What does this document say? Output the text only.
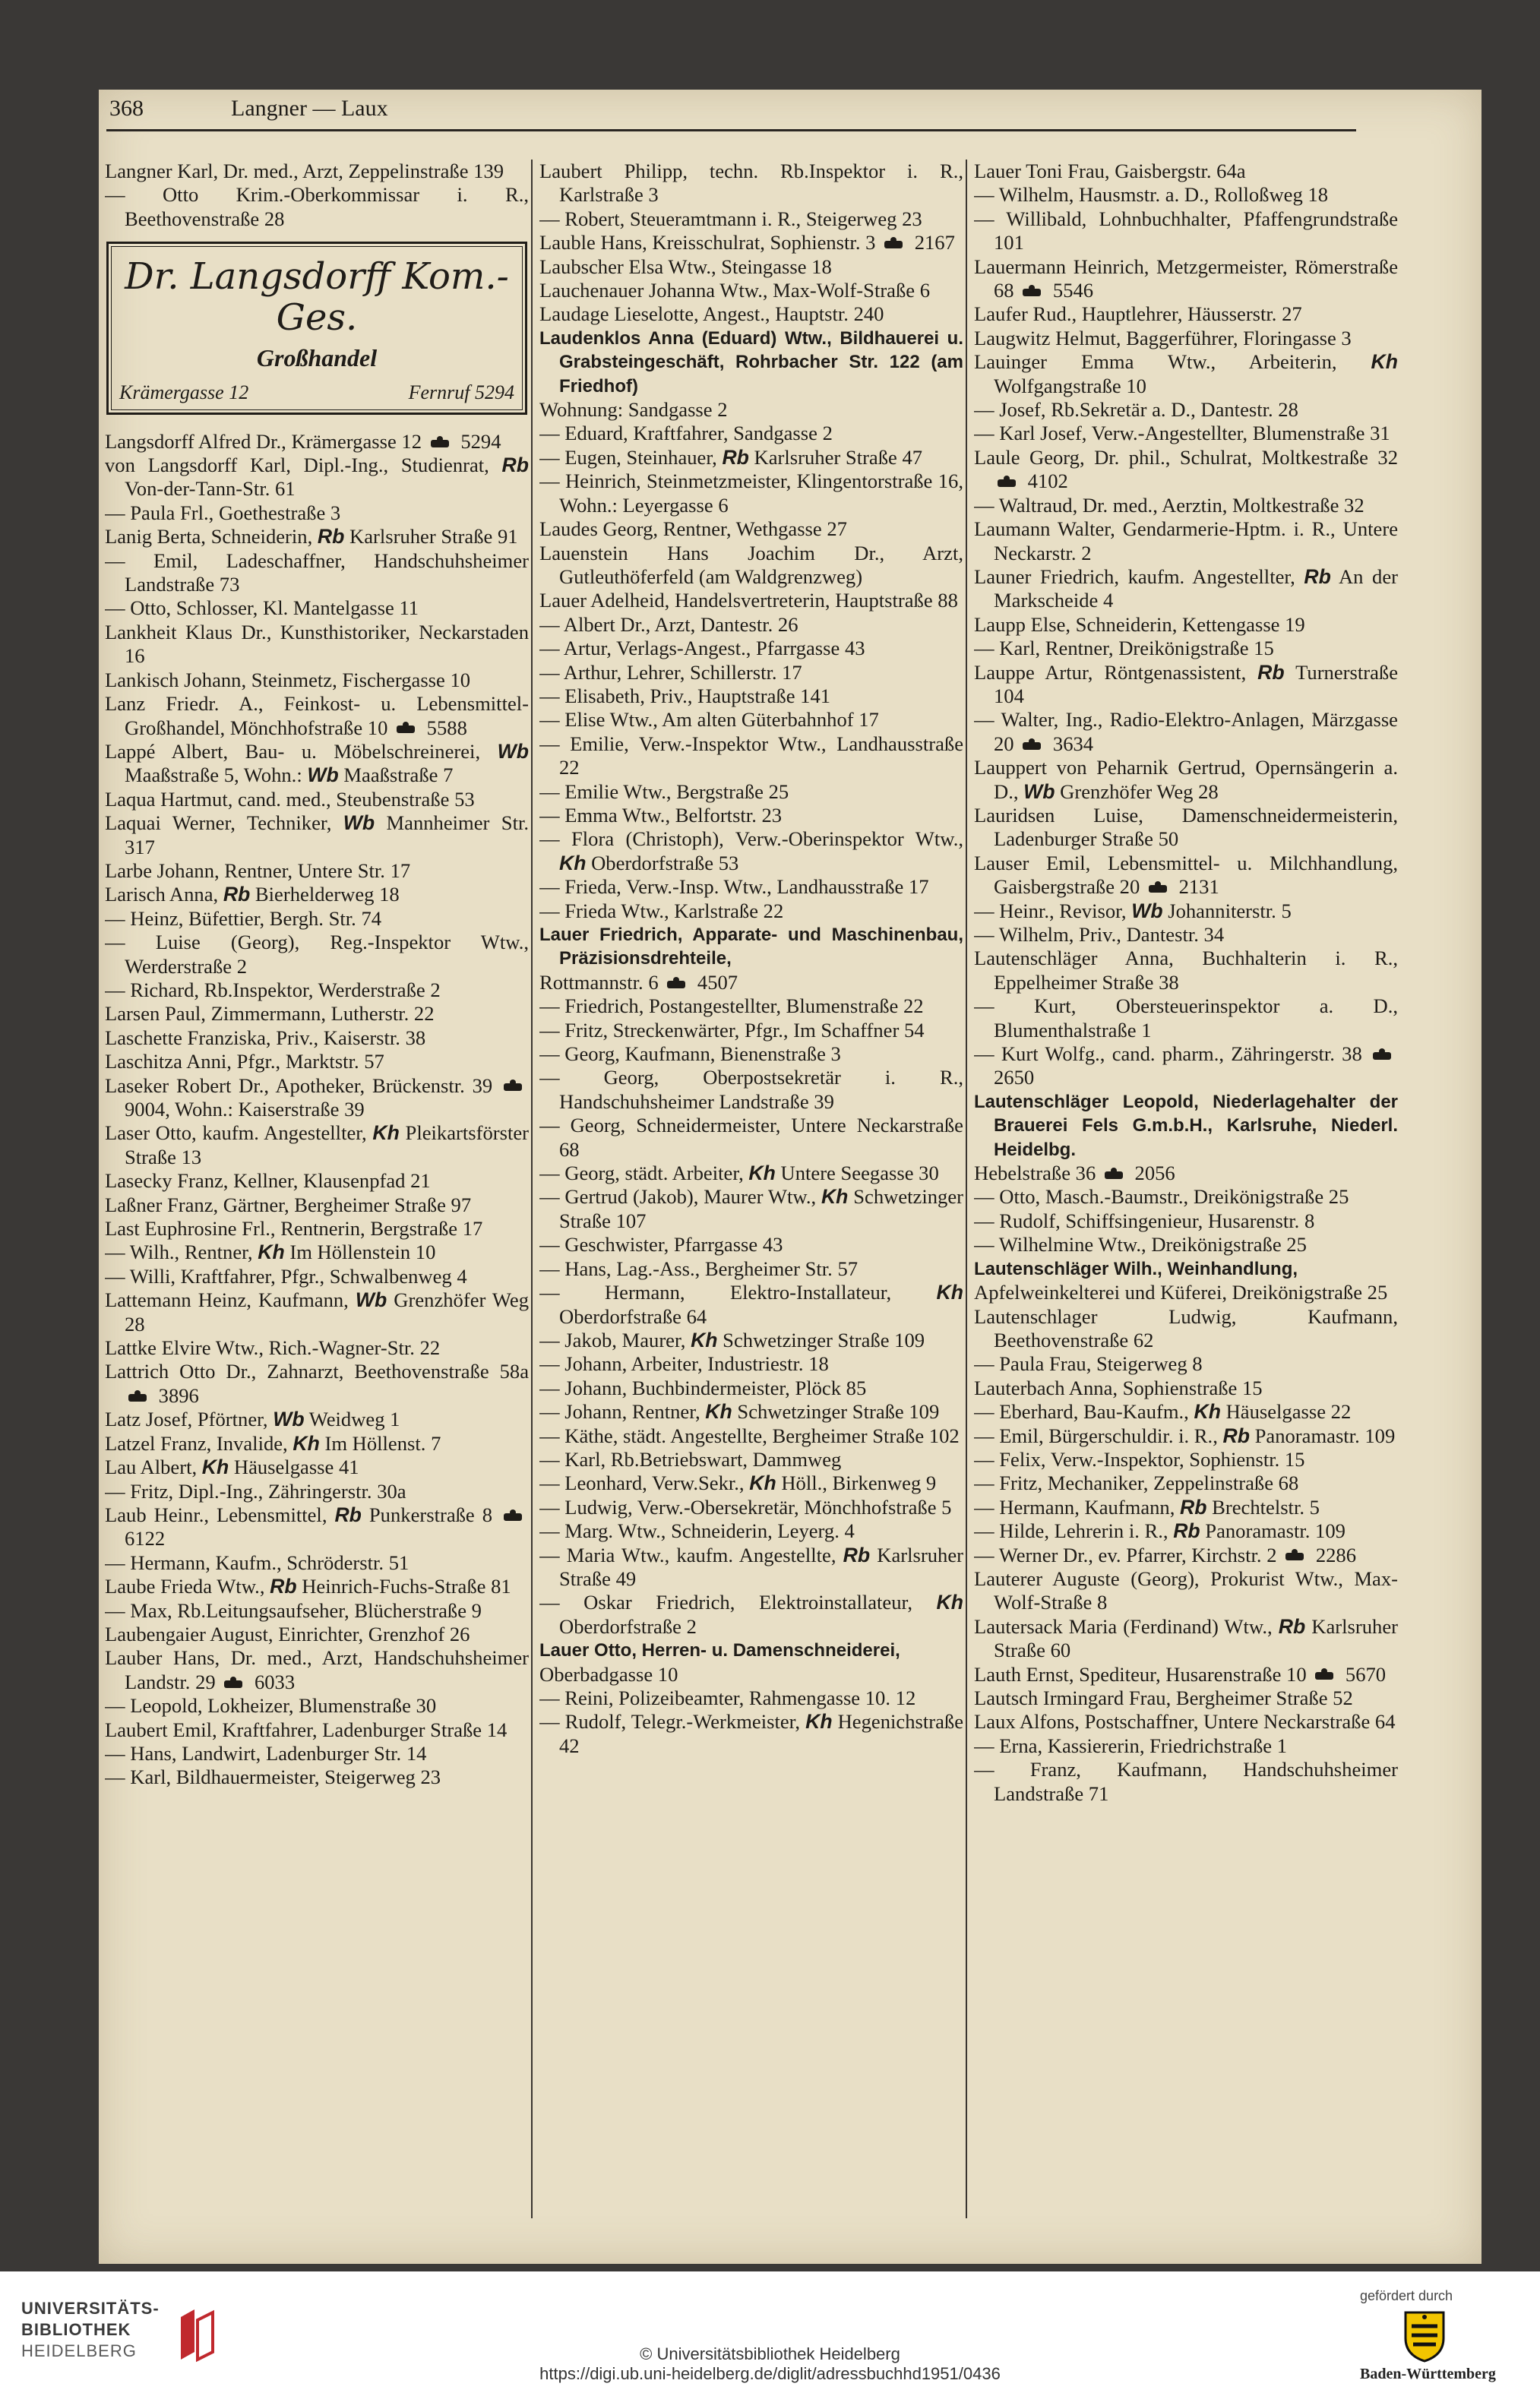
368	Langner — Laux
Langner Karl, Dr. med., Arzt, Zeppelinstraße 139
— Otto Krim.-Oberkommissar i. R., Beethovenstraße 28
Dr. Langsdorff Kom.-Ges.
Großhandel
Krämergasse 12	Fernruf 5294
Langsdorff Alfred Dr., Krämergasse 12  5294
von Langsdorff Karl, Dipl.-Ing., Studienrat, Rb Von-der-Tann-Str. 61
— Paula Frl., Goethestraße 3
Lanig Berta, Schneiderin, Rb Karlsruher Straße 91
— Emil, Ladeschaffner, Handschuhsheimer Landstraße 73
— Otto, Schlosser, Kl. Mantelgasse 11
Lankheit Klaus Dr., Kunsthistoriker, Neckarstaden 16
Lankisch Johann, Steinmetz, Fischergasse 10
Lanz Friedr. A., Feinkost- u. Lebensmittel-Großhandel, Mönchhofstraße 10  5588
Lappé Albert, Bau- u. Möbelschreinerei, Wb Maaßstraße 5, Wohn.: Wb Maaßstraße 7
Laqua Hartmut, cand. med., Steubenstraße 53
Laquai Werner, Techniker, Wb Mannheimer Str. 317
Larbe Johann, Rentner, Untere Str. 17
Larisch Anna, Rb Bierhelderweg 18
— Heinz, Büfettier, Bergh. Str. 74
— Luise (Georg), Reg.-Inspektor Wtw., Werderstraße 2
— Richard, Rb.Inspektor, Werderstraße 2
Larsen Paul, Zimmermann, Lutherstr. 22
Laschette Franziska, Priv., Kaiserstr. 38
Laschitza Anni, Pfgr., Marktstr. 57
Laseker Robert Dr., Apotheker, Brückenstr. 39  9004, Wohn.: Kaiserstraße 39
Laser Otto, kaufm. Angestellter, Kh Pleikartsförster Straße 13
Lasecky Franz, Kellner, Klausenpfad 21
Laßner Franz, Gärtner, Bergheimer Straße 97
Last Euphrosine Frl., Rentnerin, Bergstraße 17
— Wilh., Rentner, Kh Im Höllenstein 10
— Willi, Kraftfahrer, Pfgr., Schwalbenweg 4
Lattemann Heinz, Kaufmann, Wb Grenzhöfer Weg 28
Lattke Elvire Wtw., Rich.-Wagner-Str. 22
Lattrich Otto Dr., Zahnarzt, Beethovenstraße 58a  3896
Latz Josef, Pförtner, Wb Weidweg 1
Latzel Franz, Invalide, Kh Im Höllenst. 7
Lau Albert, Kh Häuselgasse 41
— Fritz, Dipl.-Ing., Zähringerstr. 30a
Laub Heinr., Lebensmittel, Rb Punkerstraße 8  6122
— Hermann, Kaufm., Schröderstr. 51
Laube Frieda Wtw., Rb Heinrich-Fuchs-Straße 81
— Max, Rb.Leitungsaufseher, Blücherstraße 9
Laubengaier August, Einrichter, Grenzhof 26
Lauber Hans, Dr. med., Arzt, Handschuhsheimer Landstr. 29  6033
— Leopold, Lokheizer, Blumenstraße 30
Laubert Emil, Kraftfahrer, Ladenburger Straße 14
— Hans, Landwirt, Ladenburger Str. 14
— Karl, Bildhauermeister, Steigerweg 23
Laubert Philipp, techn. Rb.Inspektor i. R., Karlstraße 3
— Robert, Steueramtmann i. R., Steigerweg 23
Lauble Hans, Kreisschulrat, Sophienstr. 3  2167
Laubscher Elsa Wtw., Steingasse 18
Lauchenauer Johanna Wtw., Max-Wolf-Straße 6
Laudage Lieselotte, Angest., Hauptstr. 240
Laudenklos Anna (Eduard) Wtw., Bildhauerei u. Grabsteingeschäft, Rohrbacher Str. 122 (am Friedhof)
Wohnung: Sandgasse 2
— Eduard, Kraftfahrer, Sandgasse 2
— Eugen, Steinhauer, Rb Karlsruher Straße 47
— Heinrich, Steinmetzmeister, Klingentorstraße 16, Wohn.: Leyergasse 6
Laudes Georg, Rentner, Wethgasse 27
Lauenstein Hans Joachim Dr., Arzt, Gutleuthöferfeld (am Waldgrenzweg)
Lauer Adelheid, Handelsvertreterin, Hauptstraße 88
— Albert Dr., Arzt, Dantestr. 26
— Artur, Verlags-Angest., Pfarrgasse 43
— Arthur, Lehrer, Schillerstr. 17
— Elisabeth, Priv., Hauptstraße 141
— Elise Wtw., Am alten Güterbahnhof 17
— Emilie, Verw.-Inspektor Wtw., Landhausstraße 22
— Emilie Wtw., Bergstraße 25
— Emma Wtw., Belfortstr. 23
— Flora (Christoph), Verw.-Oberinspektor Wtw., Kh Oberdorfstraße 53
— Frieda, Verw.-Insp. Wtw., Landhausstraße 17
— Frieda Wtw., Karlstraße 22
Lauer Friedrich, Apparate- und Maschinenbau, Präzisionsdrehteile,
Rottmannstr. 6  4507
— Friedrich, Postangestellter, Blumenstraße 22
— Fritz, Streckenwärter, Pfgr., Im Schaffner 54
— Georg, Kaufmann, Bienenstraße 3
— Georg, Oberpostsekretär i. R., Handschuhsheimer Landstraße 39
— Georg, Schneidermeister, Untere Neckarstraße 68
— Georg, städt. Arbeiter, Kh Untere Seegasse 30
— Gertrud (Jakob), Maurer Wtw., Kh Schwetzinger Straße 107
— Geschwister, Pfarrgasse 43
— Hans, Lag.-Ass., Bergheimer Str. 57
— Hermann, Elektro-Installateur, Kh Oberdorfstraße 64
— Jakob, Maurer, Kh Schwetzinger Straße 109
— Johann, Arbeiter, Industriestr. 18
— Johann, Buchbindermeister, Plöck 85
— Johann, Rentner, Kh Schwetzinger Straße 109
— Käthe, städt. Angestellte, Bergheimer Straße 102
— Karl, Rb.Betriebswart, Dammweg
— Leonhard, Verw.Sekr., Kh Höll., Birkenweg 9
— Ludwig, Verw.-Obersekretär, Mönchhofstraße 5
— Marg. Wtw., Schneiderin, Leyerg. 4
— Maria Wtw., kaufm. Angestellte, Rb Karlsruher Straße 49
— Oskar Friedrich, Elektroinstallateur, Kh Oberdorfstraße 2
Lauer Otto, Herren- u. Damenschneiderei,
Oberbadgasse 10
— Reini, Polizeibeamter, Rahmengasse 10. 12
— Rudolf, Telegr.-Werkmeister, Kh Hegenichstraße 42
Lauer Toni Frau, Gaisbergstr. 64a
— Wilhelm, Hausmstr. a. D., Rolloßweg 18
— Willibald, Lohnbuchhalter, Pfaffengrundstraße 101
Lauermann Heinrich, Metzgermeister, Römerstraße 68  5546
Laufer Rud., Hauptlehrer, Häusserstr. 27
Laugwitz Helmut, Baggerführer, Floringasse 3
Lauinger Emma Wtw., Arbeiterin, Kh Wolfgangstraße 10
— Josef, Rb.Sekretär a. D., Dantestr. 28
— Karl Josef, Verw.-Angestellter, Blumenstraße 31
Laule Georg, Dr. phil., Schulrat, Moltkestraße 32  4102
— Waltraud, Dr. med., Aerztin, Moltkestraße 32
Laumann Walter, Gendarmerie-Hptm. i. R., Untere Neckarstr. 2
Launer Friedrich, kaufm. Angestellter, Rb An der Markscheide 4
Laupp Else, Schneiderin, Kettengasse 19
— Karl, Rentner, Dreikönigstraße 15
Lauppe Artur, Röntgenassistent, Rb Turnerstraße 104
— Walter, Ing., Radio-Elektro-Anlagen, Märzgasse 20  3634
Lauppert von Peharnik Gertrud, Opernsängerin a. D., Wb Grenzhöfer Weg 28
Lauridsen Luise, Damenschneidermeisterin, Ladenburger Straße 50
Lauser Emil, Lebensmittel- u. Milchhandlung, Gaisbergstraße 20  2131
— Heinr., Revisor, Wb Johanniterstr. 5
— Wilhelm, Priv., Dantestr. 34
Lautenschläger Anna, Buchhalterin i. R., Eppelheimer Straße 38
— Kurt, Obersteuerinspektor a. D., Blumenthalstraße 1
— Kurt Wolfg., cand. pharm., Zähringerstr. 38  2650
Lautenschläger Leopold, Niederlagehalter der Brauerei Fels G.m.b.H., Karlsruhe, Niederl. Heidelbg.
Hebelstraße 36  2056
— Otto, Masch.-Baumstr., Dreikönigstraße 25
— Rudolf, Schiffsingenieur, Husarenstr. 8
— Wilhelmine Wtw., Dreikönigstraße 25
Lautenschläger Wilh., Weinhandlung,
Apfelweinkelterei und Küferei, Dreikönigstraße 25
Lautenschlager Ludwig, Kaufmann, Beethovenstraße 62
— Paula Frau, Steigerweg 8
Lauterbach Anna, Sophienstraße 15
— Eberhard, Bau-Kaufm., Kh Häuselgasse 22
— Emil, Bürgerschuldir. i. R., Rb Panoramastr. 109
— Felix, Verw.-Inspektor, Sophienstr. 15
— Fritz, Mechaniker, Zeppelinstraße 68
— Hermann, Kaufmann, Rb Brechtelstr. 5
— Hilde, Lehrerin i. R., Rb Panoramastr. 109
— Werner Dr., ev. Pfarrer, Kirchstr. 2  2286
Lauterer Auguste (Georg), Prokurist Wtw., Max-Wolf-Straße 8
Lautersack Maria (Ferdinand) Wtw., Rb Karlsruher Straße 60
Lauth Ernst, Spediteur, Husarenstraße 10  5670
Lautsch Irmingard Frau, Bergheimer Straße 52
Laux Alfons, Postschaffner, Untere Neckarstraße 64
— Erna, Kassiererin, Friedrichstraße 1
— Franz, Kaufmann, Handschuhsheimer Landstraße 71
UNIVERSITÄTS-
BIBLIOTHEK
HEIDELBERG	© Universitätsbibliothek Heidelberg
https://digi.ub.uni-heidelberg.de/diglit/adressbuchhd1951/0436
gefördert durch
Baden-Württemberg
